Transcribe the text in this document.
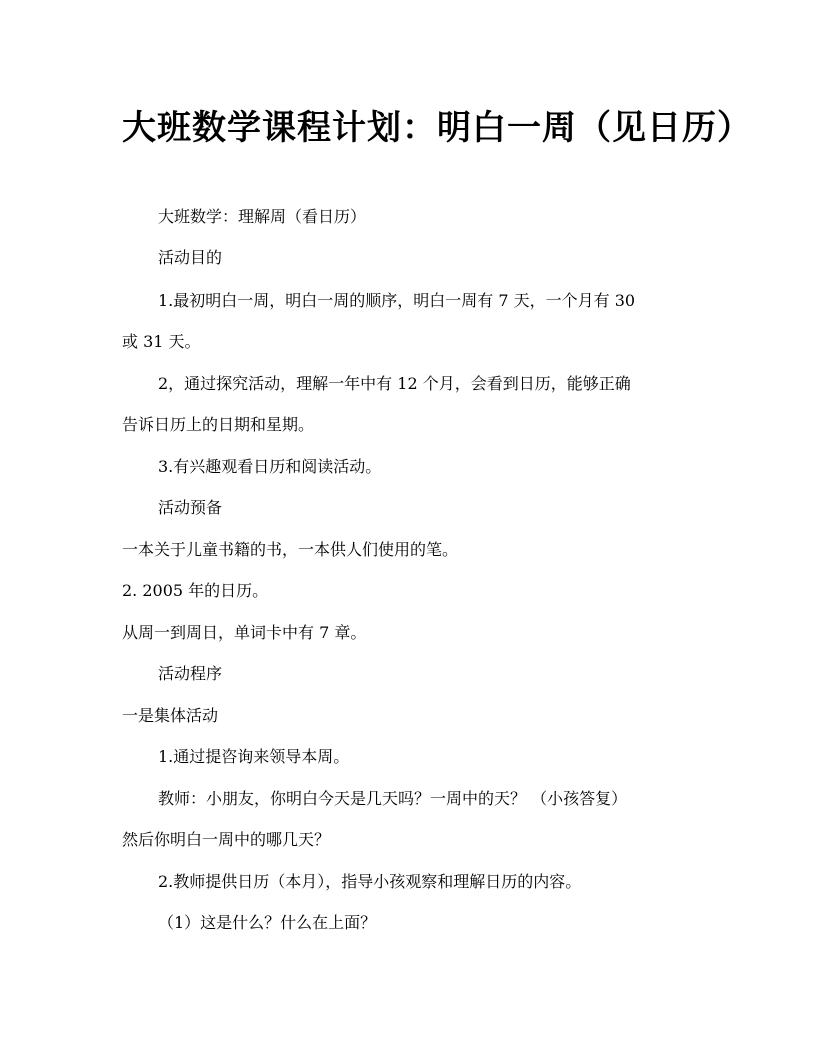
大班数学课程计划：明白一周（见日历）

大班数学：理解周（看日历）

活动目的

1.最初明白一周，明白一周的顺序，明白一周有 7 天，一个月有 30

或 31 天。

2，通过探究活动，理解一年中有 12 个月，会看到日历，能够正确

告诉日历上的日期和星期。

3.有兴趣观看日历和阅读活动。

活动预备

一本关于儿童书籍的书，一本供人们使用的笔。

2. 2005 年的日历。

从周一到周日，单词卡中有 7 章。

活动程序

一是集体活动

1.通过提咨询来领导本周。

教师：小朋友，你明白今天是几天吗？一周中的天？ （小孩答复）

然后你明白一周中的哪几天？

2.教师提供日历（本月），指导小孩观察和理解日历的内容。

（1）这是什么？什么在上面？
